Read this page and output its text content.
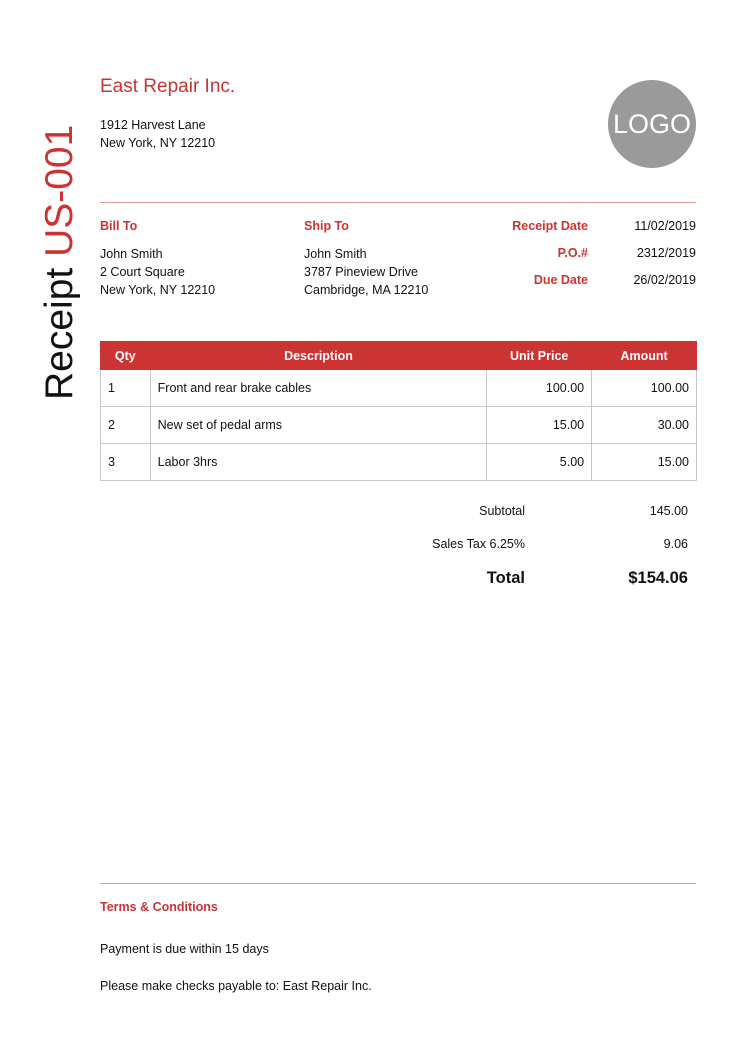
Receipt US-001
East Repair Inc.
1912 Harvest Lane
New York, NY 12210
LOGO
Bill To
John Smith
2 Court Square
New York, NY 12210
Ship To
John Smith
3787 Pineview Drive
Cambridge, MA 12210
Receipt Date	11/02/2019
P.O.#	2312/2019
Due Date	26/02/2019
Qty	Description	Unit Price	Amount
1	Front and rear brake cables	100.00	100.00
2	New set of pedal arms	15.00	30.00
3	Labor 3hrs	5.00	15.00
Subtotal	145.00
Sales Tax 6.25%	9.06
Total	$154.06
Terms & Conditions
Payment is due within 15 days
Please make checks payable to: East Repair Inc.
